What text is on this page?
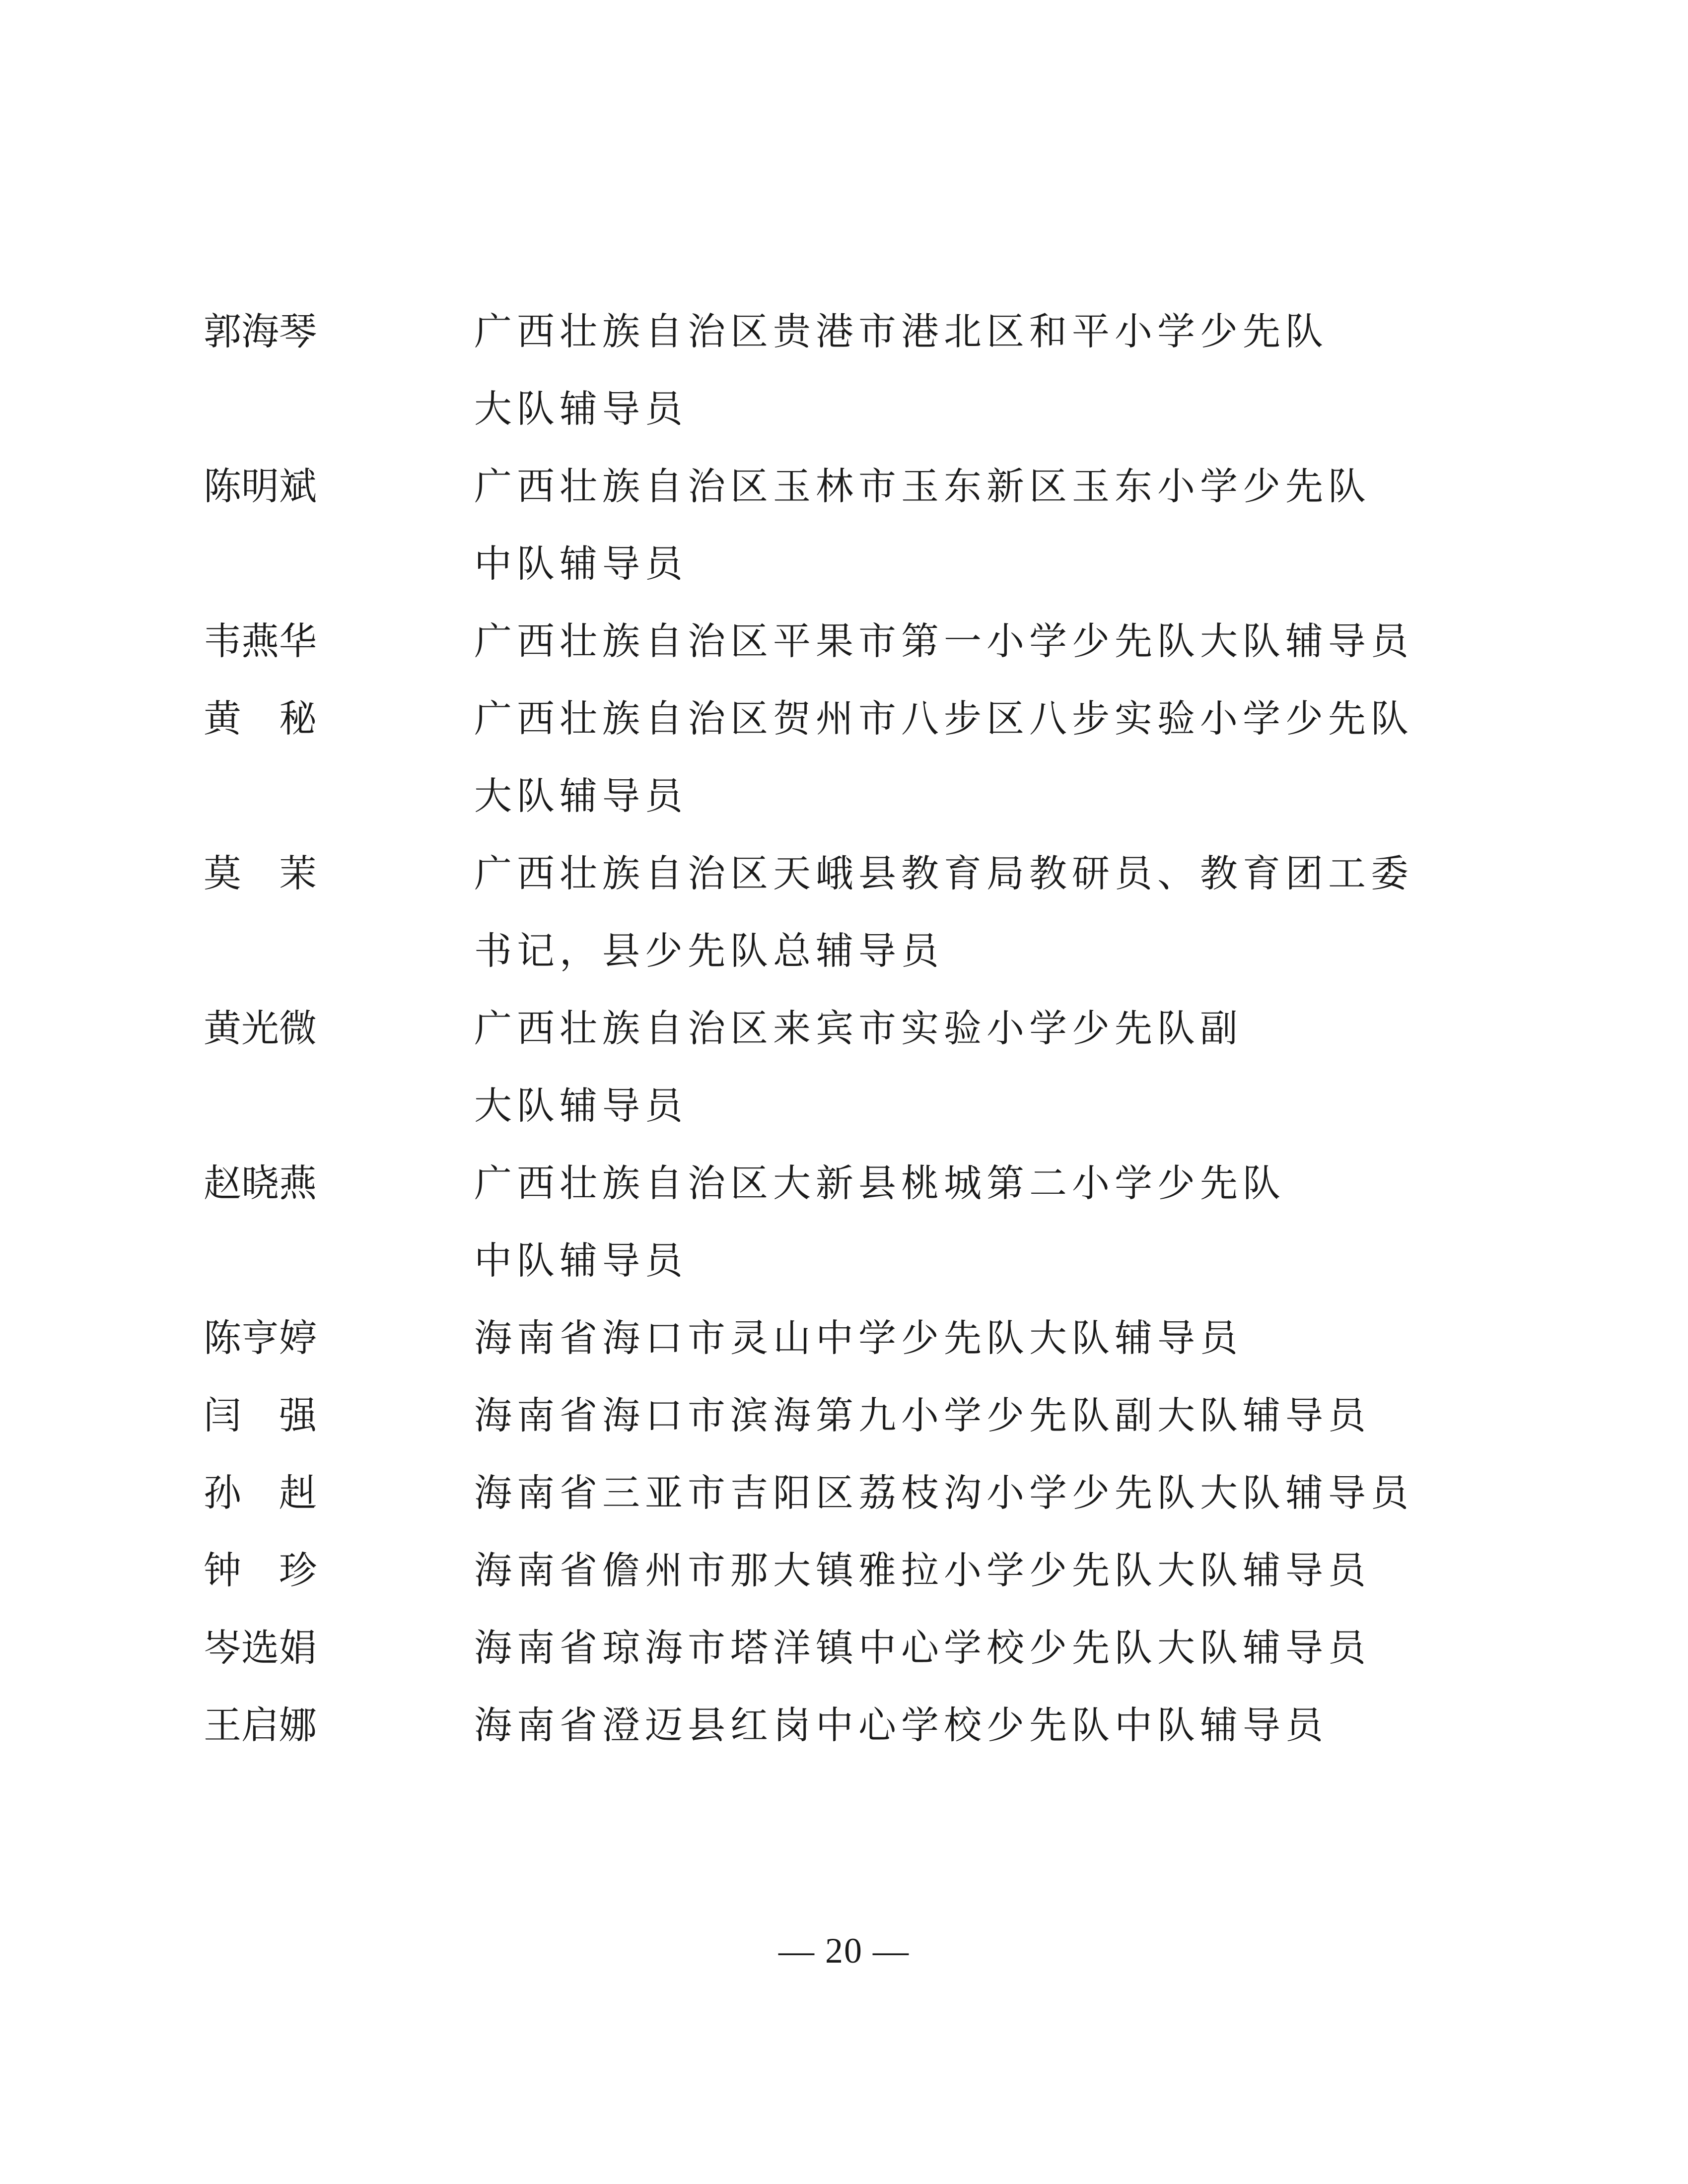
郭海琴	广西壮族自治区贵港市港北区和平小学少先队
大队辅导员
陈明斌	广西壮族自治区玉林市玉东新区玉东小学少先队
中队辅导员
韦燕华	广西壮族自治区平果市第一小学少先队大队辅导员
黄　秘	广西壮族自治区贺州市八步区八步实验小学少先队
大队辅导员
莫　茉	广西壮族自治区天峨县教育局教研员、教育团工委
书记，县少先队总辅导员
黄光微	广西壮族自治区来宾市实验小学少先队副
大队辅导员
赵晓燕	广西壮族自治区大新县桃城第二小学少先队
中队辅导员
陈亨婷	海南省海口市灵山中学少先队大队辅导员
闫　强	海南省海口市滨海第九小学少先队副大队辅导员
孙　赳	海南省三亚市吉阳区荔枝沟小学少先队大队辅导员
钟　珍	海南省儋州市那大镇雅拉小学少先队大队辅导员
岑选娟	海南省琼海市塔洋镇中心学校少先队大队辅导员
王启娜	海南省澄迈县红岗中心学校少先队中队辅导员
— 20 —
